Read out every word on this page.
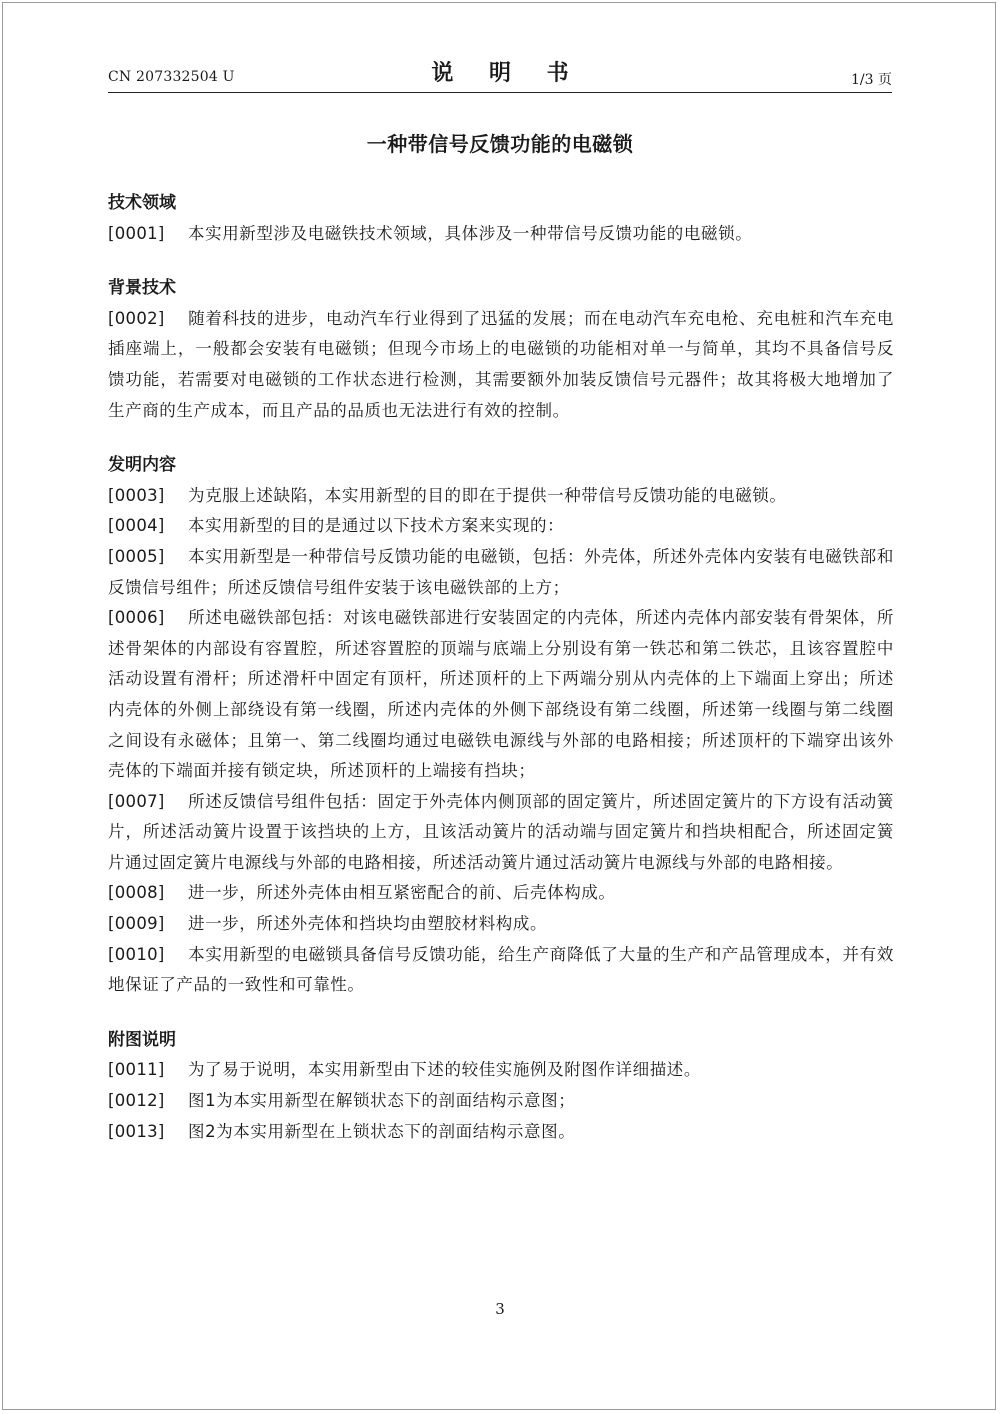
CN 207332504 U	说 明 书	1/3 页
一种带信号反馈功能的电磁锁

技术领域

[0001] 本实用新型涉及电磁铁技术领域，具体涉及一种带信号反馈功能的电磁锁。

背景技术

[0002] 随着科技的进步，电动汽车行业得到了迅猛的发展；而在电动汽车充电枪、充电桩和汽车充电插座端上，一般都会安装有电磁锁；但现今市场上的电磁锁的功能相对单一与简单，其均不具备信号反馈功能，若需要对电磁锁的工作状态进行检测，其需要额外加装反馈信号元器件；故其将极大地增加了生产商的生产成本，而且产品的品质也无法进行有效的控制。

发明内容

[0003] 为克服上述缺陷，本实用新型的目的即在于提供一种带信号反馈功能的电磁锁。

[0004] 本实用新型的目的是通过以下技术方案来实现的：

[0005] 本实用新型是一种带信号反馈功能的电磁锁，包括：外壳体，所述外壳体内安装有电磁铁部和反馈信号组件；所述反馈信号组件安装于该电磁铁部的上方；

[0006] 所述电磁铁部包括：对该电磁铁部进行安装固定的内壳体，所述内壳体内部安装有骨架体，所述骨架体的内部设有容置腔，所述容置腔的顶端与底端上分别设有第一铁芯和第二铁芯，且该容置腔中活动设置有滑杆；所述滑杆中固定有顶杆，所述顶杆的上下两端分别从内壳体的上下端面上穿出；所述内壳体的外侧上部绕设有第一线圈，所述内壳体的外侧下部绕设有第二线圈，所述第一线圈与第二线圈之间设有永磁体；且第一、第二线圈均通过电磁铁电源线与外部的电路相接；所述顶杆的下端穿出该外壳体的下端面并接有锁定块，所述顶杆的上端接有挡块；

[0007] 所述反馈信号组件包括：固定于外壳体内侧顶部的固定簧片，所述固定簧片的下方设有活动簧片，所述活动簧片设置于该挡块的上方，且该活动簧片的活动端与固定簧片和挡块相配合，所述固定簧片通过固定簧片电源线与外部的电路相接，所述活动簧片通过活动簧片电源线与外部的电路相接。

[0008] 进一步，所述外壳体由相互紧密配合的前、后壳体构成。

[0009] 进一步，所述外壳体和挡块均由塑胶材料构成。

[0010] 本实用新型的电磁锁具备信号反馈功能，给生产商降低了大量的生产和产品管理成本，并有效地保证了产品的一致性和可靠性。

附图说明

[0011] 为了易于说明，本实用新型由下述的较佳实施例及附图作详细描述。

[0012] 图1为本实用新型在解锁状态下的剖面结构示意图；

[0013] 图2为本实用新型在上锁状态下的剖面结构示意图。

3
